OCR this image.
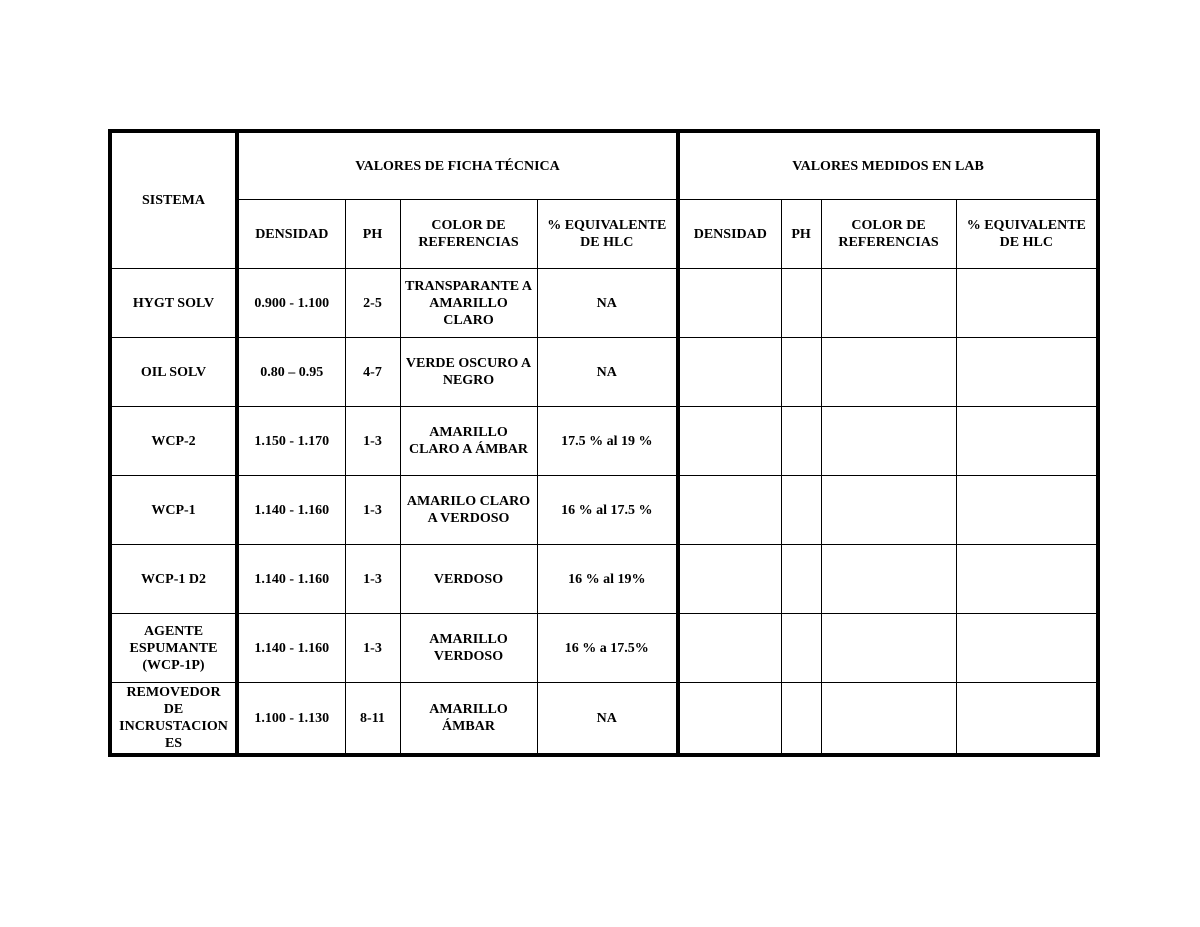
SISTEMA	VALORES DE FICHA TÉCNICA				VALORES MEDIDOS EN LAB			
	DENSIDAD	PH	COLOR DE REFERENCIAS	% EQUIVALENTE DE HLC	DENSIDAD	PH	COLOR DE REFERENCIAS	% EQUIVALENTE DE HLC
HYGT SOLV	0.900 - 1.100	2-5	TRANSPARANTE A AMARILLO CLARO	NA				
OIL SOLV	0.80 – 0.95	4-7	VERDE OSCURO A NEGRO	NA				
WCP-2	1.150 - 1.170	1-3	AMARILLO CLARO A ÁMBAR	17.5 % al 19 %				
WCP-1	1.140 - 1.160	1-3	AMARILO CLARO A VERDOSO	16 % al 17.5 %				
WCP-1 D2	1.140 - 1.160	1-3	VERDOSO	16 % al 19%				
AGENTE ESPUMANTE (WCP-1P)	1.140 - 1.160	1-3	AMARILLO VERDOSO	16 % a 17.5%				
REMOVEDOR DE INCRUSTACIONES	1.100 - 1.130	8-11	AMARILLO ÁMBAR	NA				
